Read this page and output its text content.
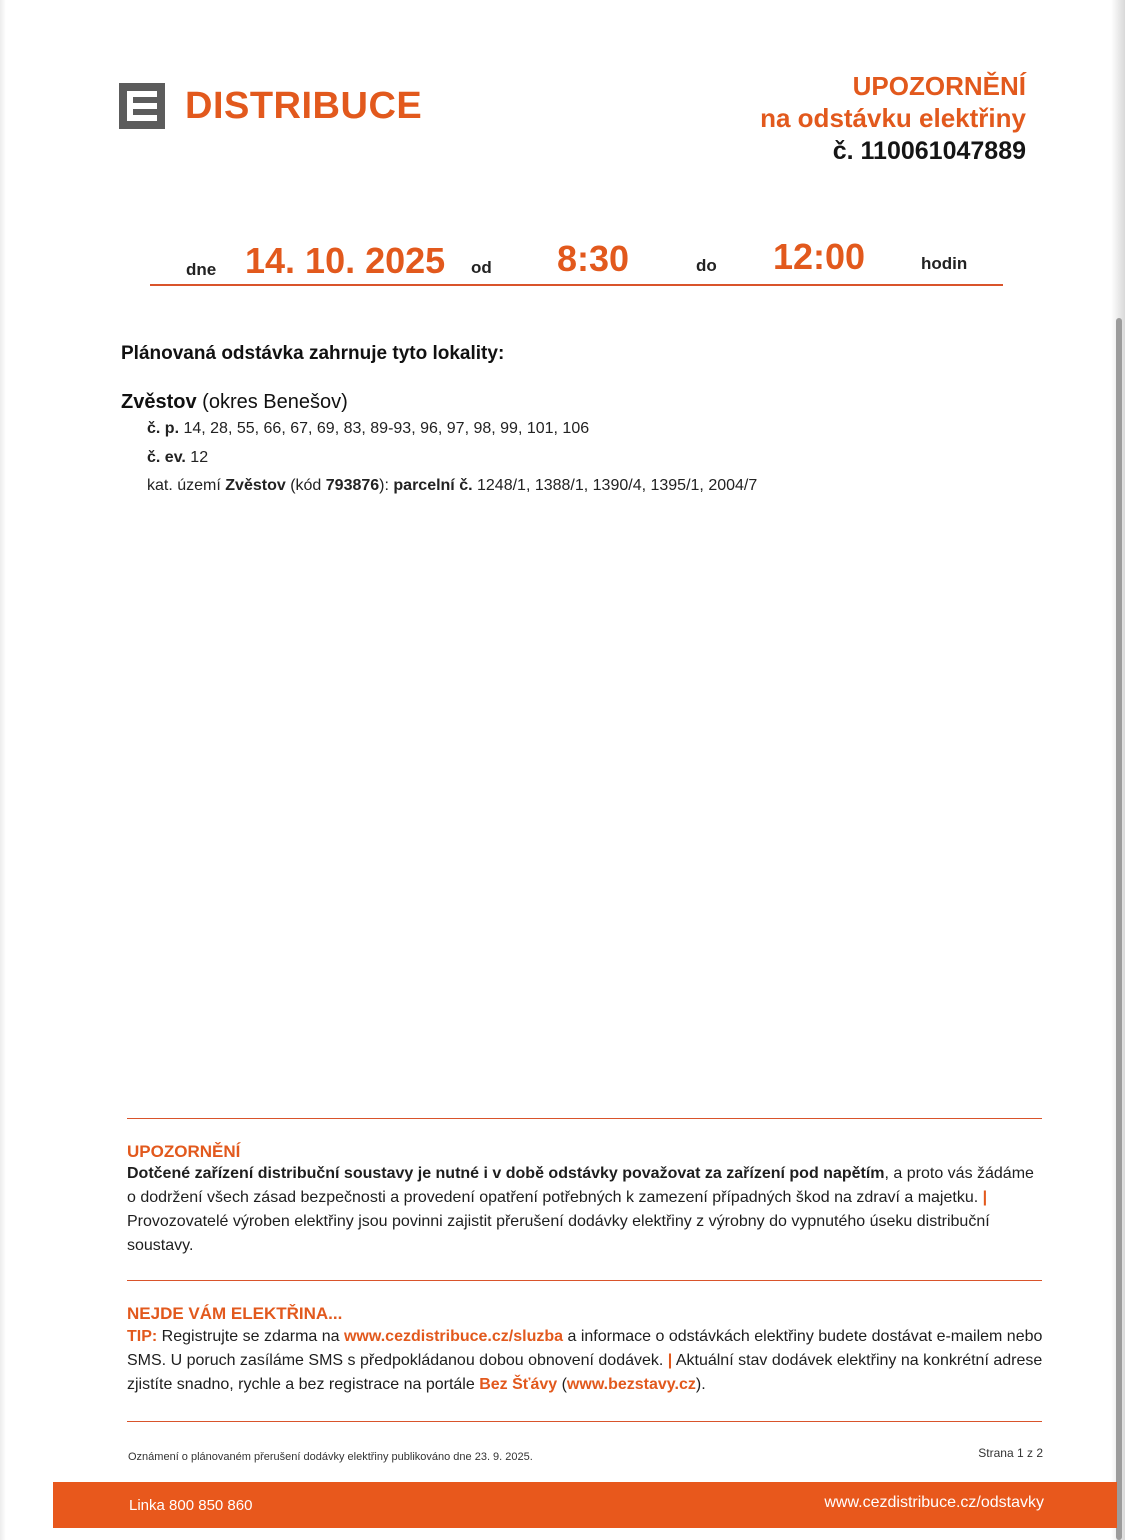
DISTRIBUCE	UPOZORNĚNÍ
na odstávku elektřiny
č. 110061047889
dne 14. 10. 2025 od 8:30	do 12:00	hodin
Plánovaná odstávka zahrnuje tyto lokality:
Zvěstov (okres Benešov)
č. p. 14, 28, 55, 66, 67, 69, 83, 89-93, 96, 97, 98, 99, 101, 106
č. ev. 12
kat. území Zvěstov (kód 793876): parcelní č. 1248/1, 1388/1, 1390/4, 1395/1, 2004/7
UPOZORNĚNÍ
Dotčené zařízení distribuční soustavy je nutné i v době odstávky považovat za zařízení pod napětím, a proto vás žádáme o dodržení všech zásad bezpečnosti a provedení opatření potřebných k zamezení případných škod na zdraví a majetku. | Provozovatelé výroben elektřiny jsou povinni zajistit přerušení dodávky elektřiny z výrobny do vypnutého úseku distribuční soustavy.
NEJDE VÁM ELEKTŘINA...
TIP: Registrujte se zdarma na www.cezdistribuce.cz/sluzba a informace o odstávkách elektřiny budete dostávat e-mailem nebo SMS. U poruch zasíláme SMS s předpokládanou dobou obnovení dodávek. | Aktuální stav dodávek elektřiny na konkrétní adrese zjistíte snadno, rychle a bez registrace na portále Bez Šťávy (www.bezstavy.cz).
Oznámení o plánovaném přerušení dodávky elektřiny publikováno dne 23. 9. 2025.	Strana 1 z 2
Linka 800 850 860	www.cezdistribuce.cz/odstavky
